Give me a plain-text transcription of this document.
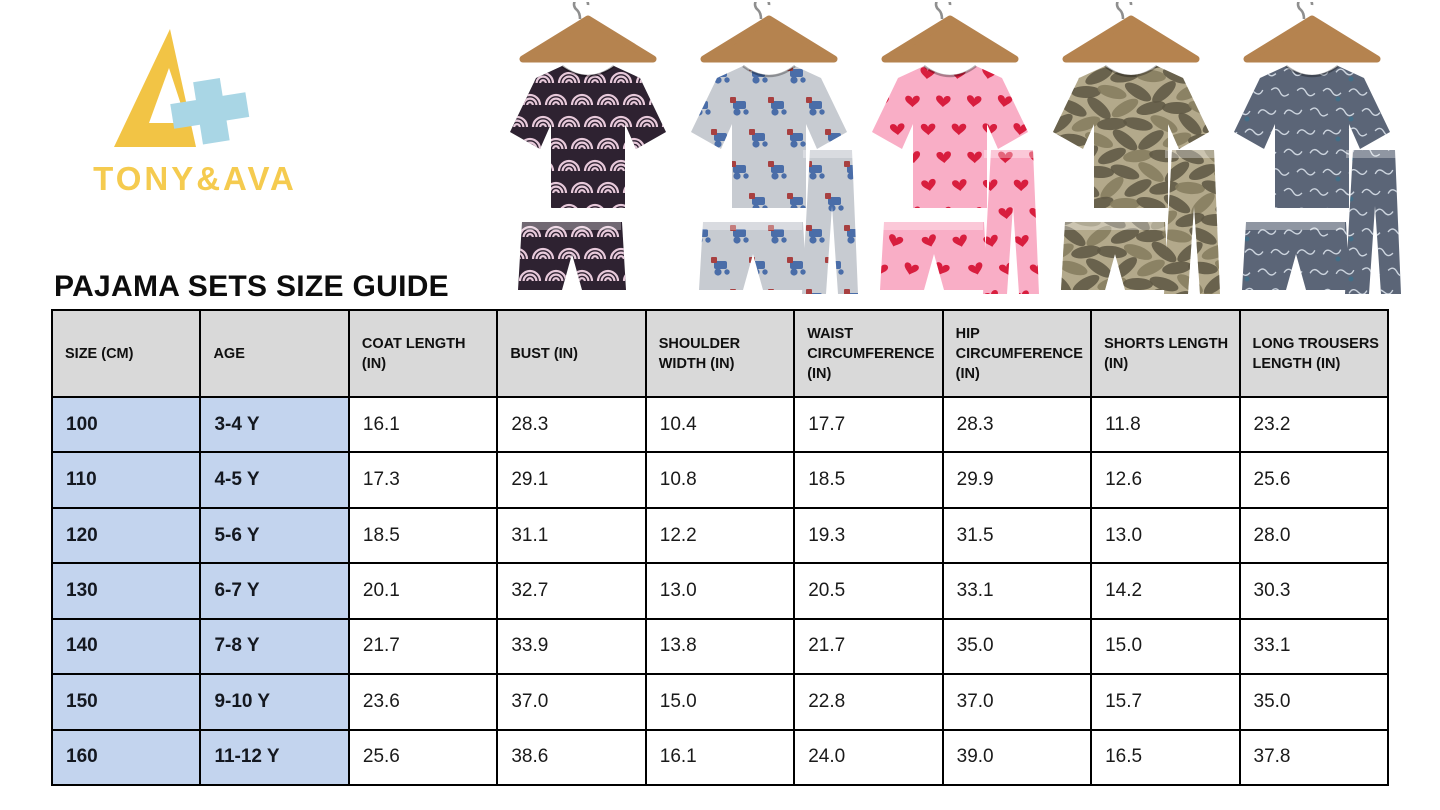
TONY&AVA
PAJAMA SETS SIZE GUIDE
SIZE (CM)	AGE	COAT LENGTH (IN)	BUST (IN)	SHOULDER WIDTH (IN)	WAIST CIRCUMFERENCE (IN)	HIP CIRCUMFERENCE (IN)	SHORTS LENGTH (IN)	LONG TROUSERS LENGTH (IN)
100	3-4 Y	16.1	28.3	10.4	17.7	28.3	11.8	23.2
110	4-5 Y	17.3	29.1	10.8	18.5	29.9	12.6	25.6
120	5-6 Y	18.5	31.1	12.2	19.3	31.5	13.0	28.0
130	6-7 Y	20.1	32.7	13.0	20.5	33.1	14.2	30.3
140	7-8 Y	21.7	33.9	13.8	21.7	35.0	15.0	33.1
150	9-10 Y	23.6	37.0	15.0	22.8	37.0	15.7	35.0
160	11-12 Y	25.6	38.6	16.1	24.0	39.0	16.5	37.8
